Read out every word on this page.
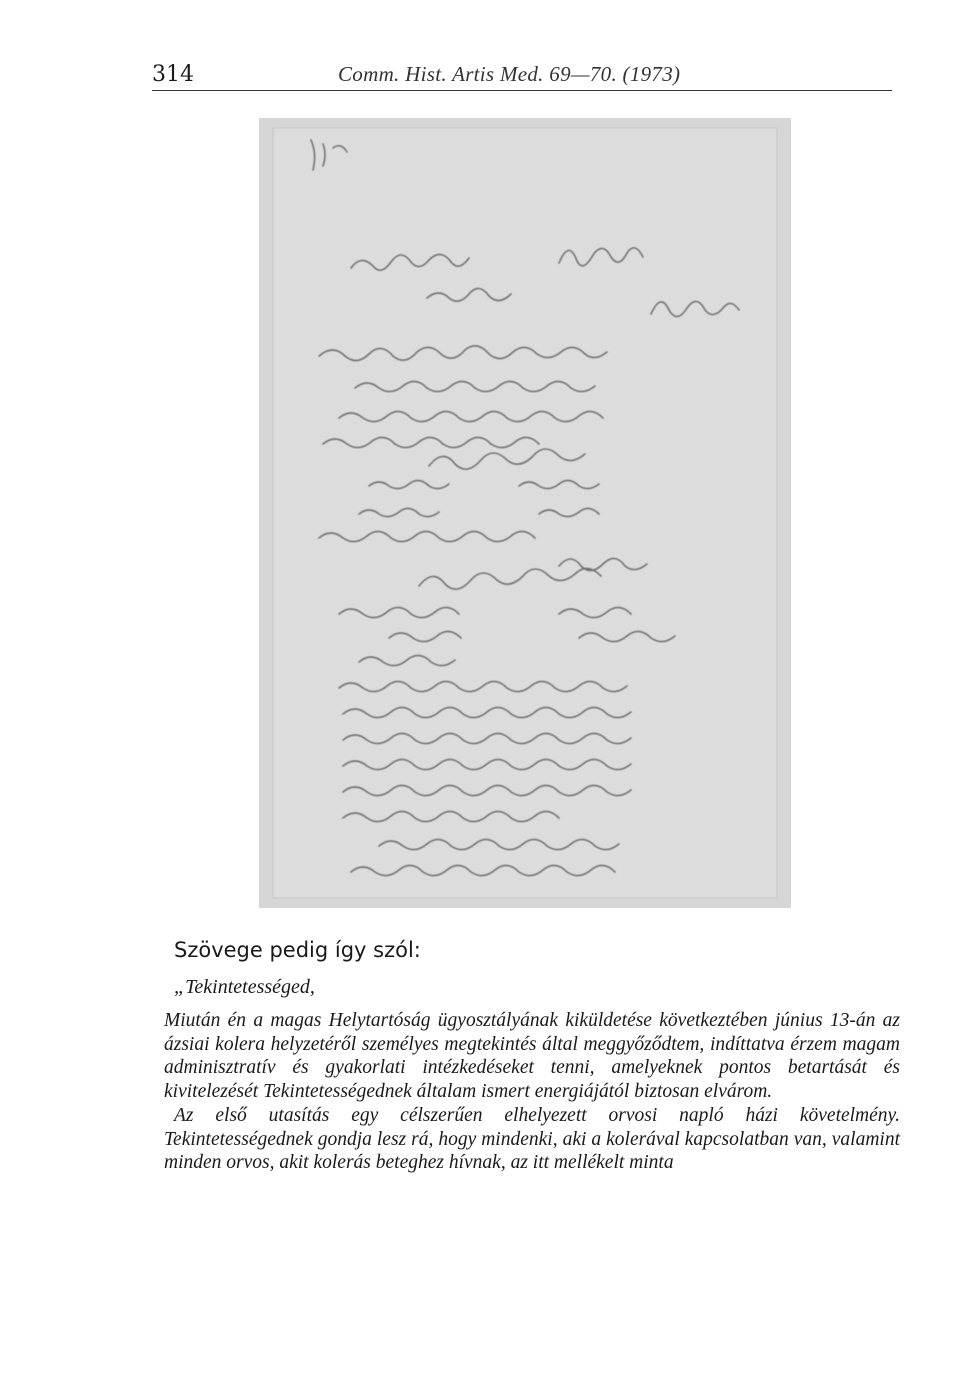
314	Comm. Hist. Artis Med. 69—70. (1973)

Szövege pedig így szól:

„Tekintetességed,

Miután én a magas Helytartóság ügyosztályának kiküldetése következtében június 13-án az ázsiai kolera helyzetéről személyes megtekintés által meggyőződtem, indíttatva érzem magam adminisztratív és gyakorlati intézkedéseket tenni, amelyeknek pontos betartását és kivitelezését Tekintetességednek általam ismert energiájától biztosan elvárom.

Az első utasítás egy célszerűen elhelyezett orvosi napló házi követelmény. Tekintetességednek gondja lesz rá, hogy mindenki, aki a kolerával kapcsolatban van, valamint minden orvos, akit kolerás beteghez hívnak, az itt mellékelt minta
